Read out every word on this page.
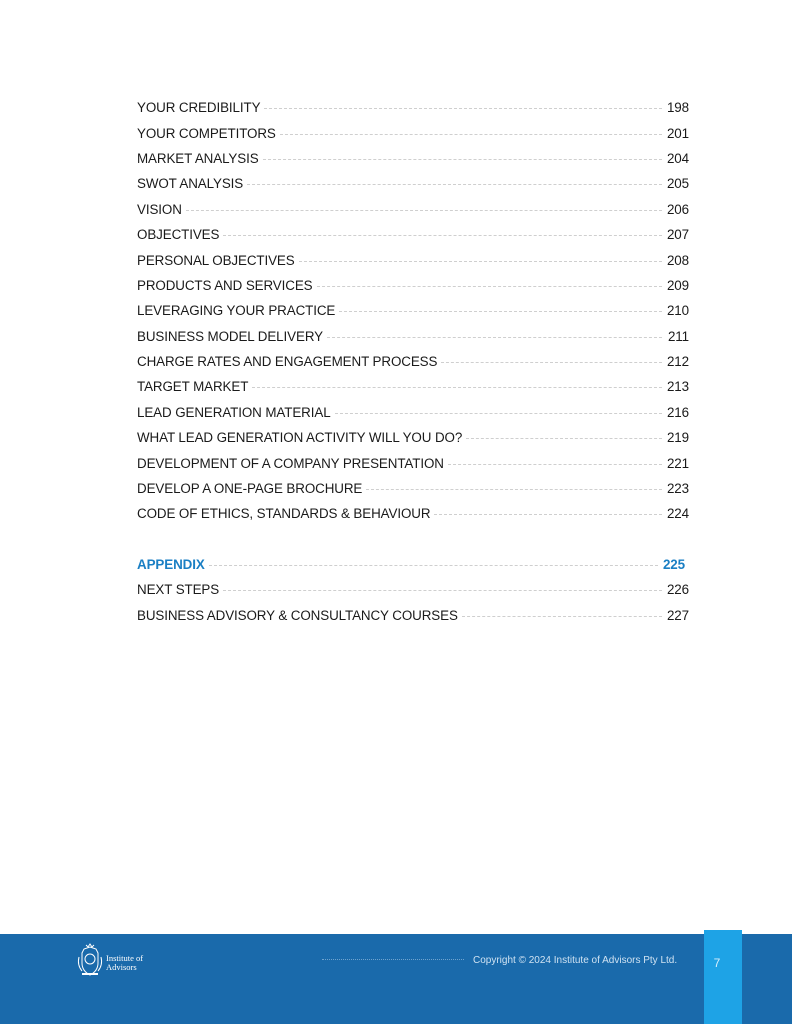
YOUR CREDIBILITY	198
YOUR COMPETITORS	201
MARKET ANALYSIS	204
SWOT ANALYSIS	205
VISION	206
OBJECTIVES	207
PERSONAL OBJECTIVES	208
PRODUCTS AND SERVICES	209
LEVERAGING YOUR PRACTICE	210
BUSINESS MODEL DELIVERY	211
CHARGE RATES AND ENGAGEMENT PROCESS	212
TARGET MARKET	213
LEAD GENERATION MATERIAL	216
WHAT LEAD GENERATION ACTIVITY WILL YOU DO?	219
DEVELOPMENT OF A COMPANY PRESENTATION	221
DEVELOP A ONE-PAGE BROCHURE	223
CODE OF ETHICS, STANDARDS & BEHAVIOUR	224
APPENDIX	225
NEXT STEPS	226
BUSINESS ADVISORY & CONSULTANCY COURSES	227
Institute of
Advisors
Copyright © 2024 Institute of Advisors Pty Ltd.	7
